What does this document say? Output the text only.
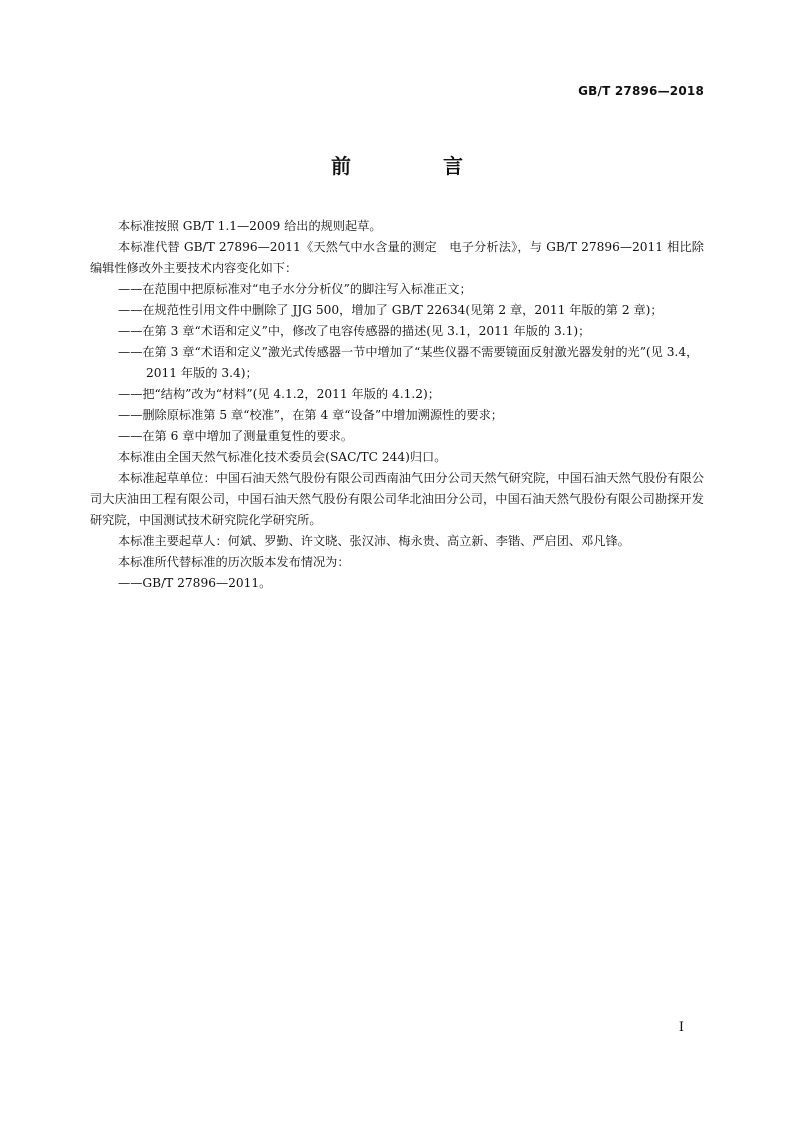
GB/T 27896—2018
前　言

本标准按照 GB/T 1.1—2009 给出的规则起草。

本标准代替 GB/T 27896—2011《天然气中水含量的测定　电子分析法》，与 GB/T 27896—2011 相比除编辑性修改外主要技术内容变化如下：

——在范围中把原标准对“电子水分分析仪”的脚注写入标准正文；

——在规范性引用文件中删除了 JJG 500，增加了 GB/T 22634(见第 2 章，2011 年版的第 2 章)；

——在第 3 章“术语和定义”中，修改了电容传感器的描述(见 3.1，2011 年版的 3.1)；

——在第 3 章“术语和定义”激光式传感器一节中增加了“某些仪器不需要镜面反射激光器发射的光”(见 3.4，2011 年版的 3.4)；

——把“结构”改为“材料”(见 4.1.2，2011 年版的 4.1.2)；

——删除原标准第 5 章“校准”，在第 4 章“设备”中增加溯源性的要求；

——在第 6 章中增加了测量重复性的要求。

本标准由全国天然气标准化技术委员会(SAC/TC 244)归口。

本标准起草单位：中国石油天然气股份有限公司西南油气田分公司天然气研究院，中国石油天然气股份有限公司大庆油田工程有限公司，中国石油天然气股份有限公司华北油田分公司，中国石油天然气股份有限公司勘探开发研究院，中国测试技术研究院化学研究所。

本标准主要起草人：何斌、罗勤、许文晓、张汉沛、梅永贵、高立新、李锴、严启团、邓凡锋。

本标准所代替标准的历次版本发布情况为：

——GB/T 27896—2011。

I
